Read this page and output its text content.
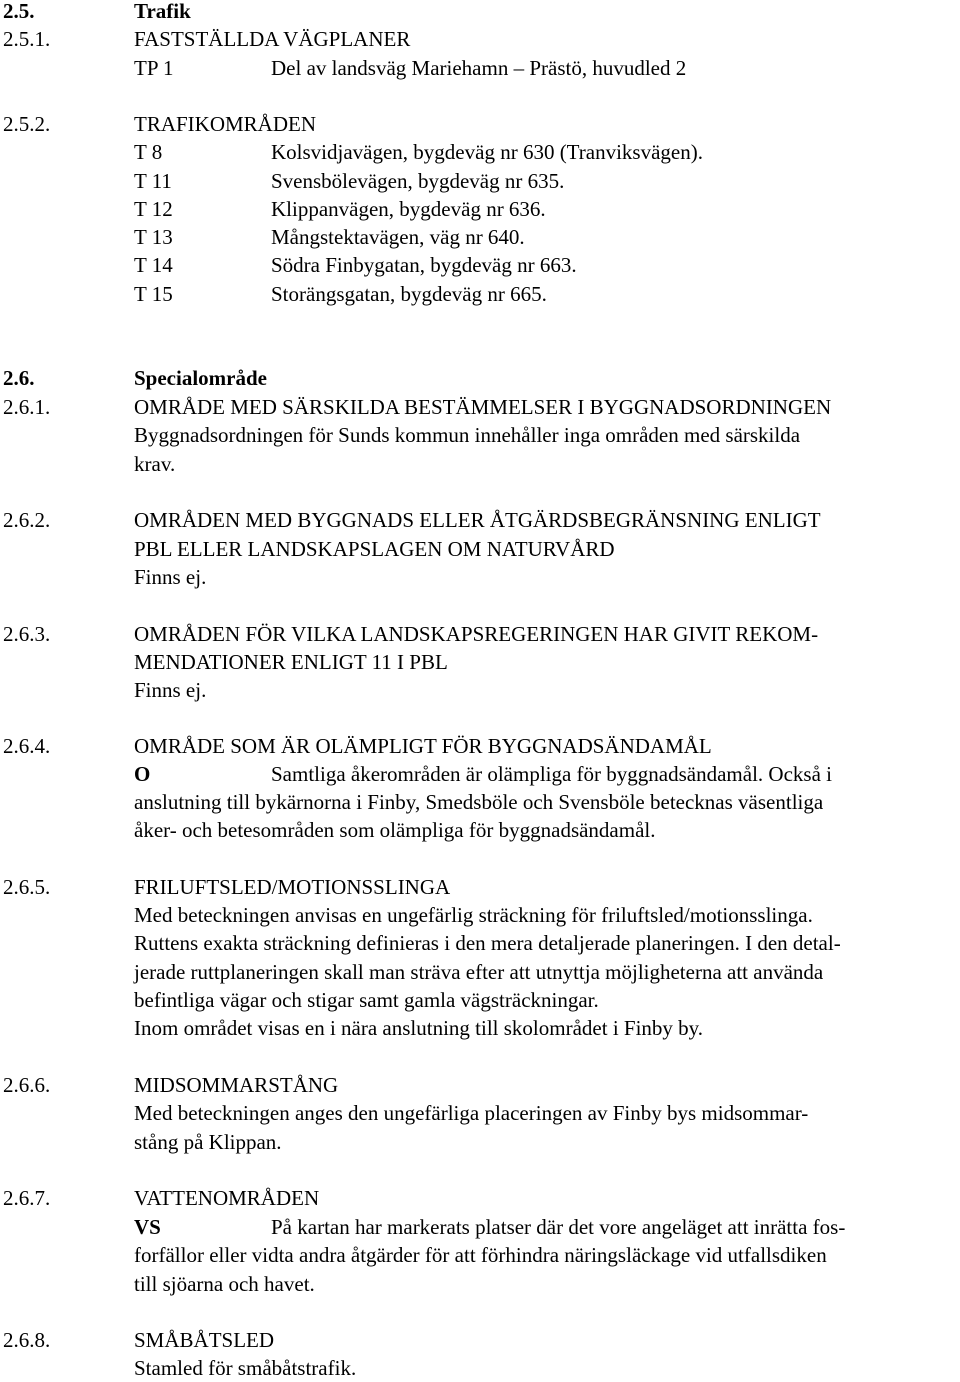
2.5.	Trafik
2.5.1.	FASTSTÄLLDA VÄGPLANER
TP 1	Del av landsväg Mariehamn – Prästö, huvudled 2
2.5.2.	TRAFIKOMRÅDEN
T 8	Kolsvidjavägen, bygdeväg nr 630 (Tranviksvägen).
T 11	Svensbölevägen, bygdeväg nr 635.
T 12	Klippanvägen, bygdeväg nr 636.
T 13	Mångstektavägen, väg nr 640.
T 14	Södra Finbygatan, bygdeväg nr 663.
T 15	Storängsgatan, bygdeväg nr 665.
2.6.	Specialområde
2.6.1.	OMRÅDE MED SÄRSKILDA BESTÄMMELSER I BYGGNADSORDNINGEN
Byggnadsordningen för Sunds kommun innehåller inga områden med särskilda
krav.
2.6.2.	OMRÅDEN MED BYGGNADS ELLER ÅTGÄRDSBEGRÄNSNING ENLIGT
PBL ELLER LANDSKAPSLAGEN OM NATURVÅRD
Finns ej.
2.6.3.	OMRÅDEN FÖR VILKA LANDSKAPSREGERINGEN HAR GIVIT REKOM-
MENDATIONER ENLIGT 11 I PBL
Finns ej.
2.6.4.	OMRÅDE SOM ÄR OLÄMPLIGT FÖR BYGGNADSÄNDAMÅL
O	Samtliga åkerområden är olämpliga för byggnadsändamål. Också i
anslutning till bykärnorna i Finby, Smedsböle och Svensböle betecknas väsentliga
åker- och betesområden som olämpliga för byggnadsändamål.
2.6.5.	FRILUFTSLED/MOTIONSSLINGA
Med beteckningen anvisas en ungefärlig sträckning för friluftsled/motionsslinga.
Ruttens exakta sträckning definieras i den mera detaljerade planeringen. I den detal-
jerade ruttplaneringen skall man sträva efter att utnyttja möjligheterna att använda
befintliga vägar och stigar samt gamla vägsträckningar.
Inom området visas en i nära anslutning till skolområdet i Finby by.
2.6.6.	MIDSOMMARSTÅNG
Med beteckningen anges den ungefärliga placeringen av Finby bys midsommar-
stång på Klippan.
2.6.7.	VATTENOMRÅDEN
VS	På kartan har markerats platser där det vore angeläget att inrätta fos-
forfällor eller vidta andra åtgärder för att förhindra näringsläckage vid utfallsdiken
till sjöarna och havet.
2.6.8.	SMÅBÅTSLED
Stamled för småbåtstrafik.
